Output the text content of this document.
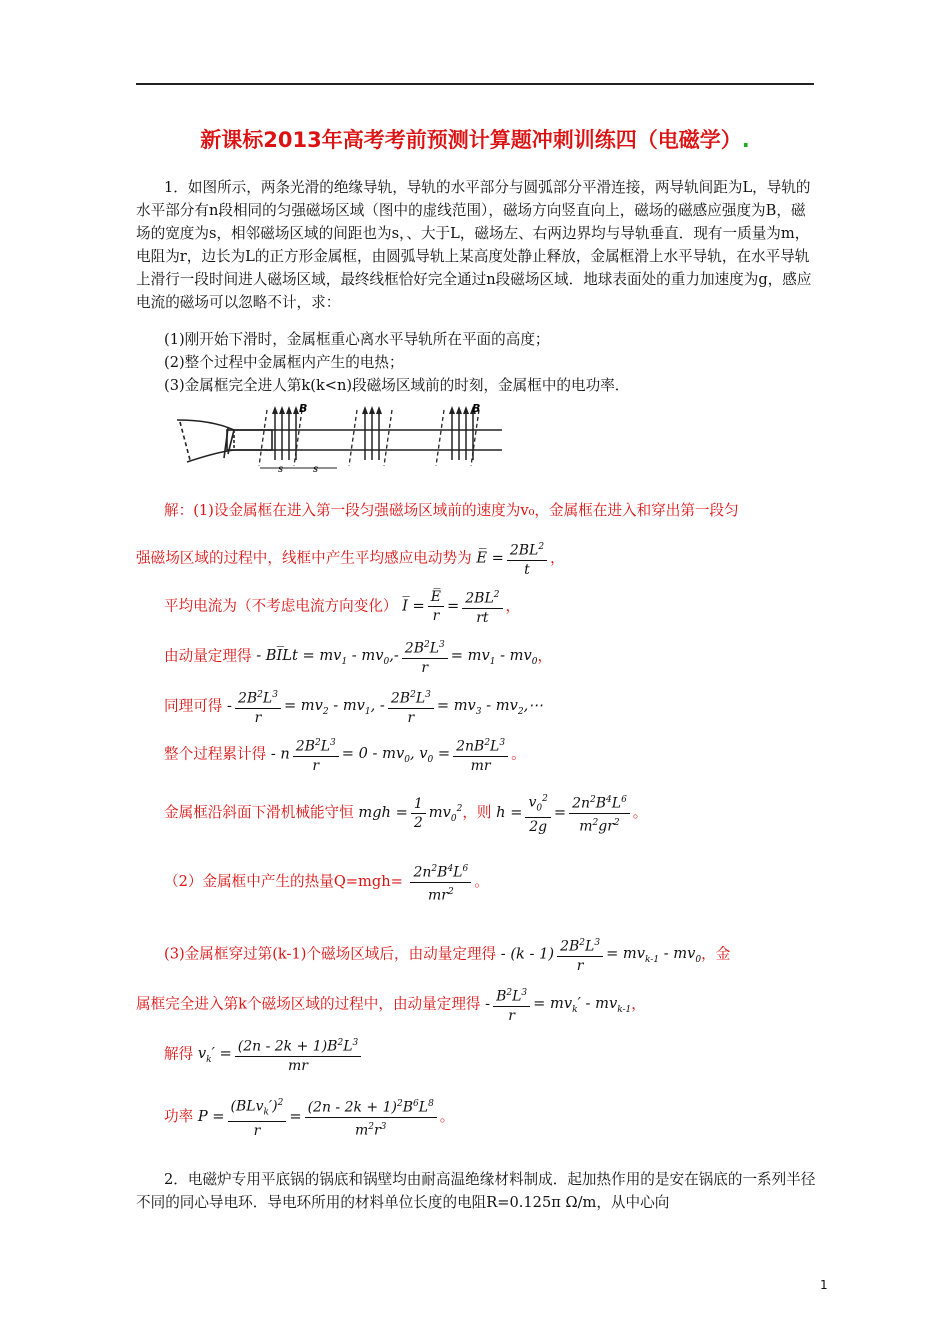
新课标2013年高考考前预测计算题冲刺训练四（电磁学）.
1．如图所示，两条光滑的绝缘导轨，导轨的水平部分与圆弧部分平滑连接，两导轨间距为L，导轨的水平部分有n段相同的匀强磁场区域（图中的虚线范围），磁场方向竖直向上，磁场的磁感应强度为B，磁场的宽度为s，相邻磁场区域的间距也为s，、大于L，磁场左、右两边界均与导轨垂直．现有一质量为m，电阻为r，边长为L的正方形金属框，由圆弧导轨上某高度处静止释放，金属框滑上水平导轨，在水平导轨上滑行一段时间进人磁场区域，最终线框恰好完全通过n段磁场区域．地球表面处的重力加速度为g，感应电流的磁场可以忽略不计，求：
(1)刚开始下滑时，金属框重心离水平导轨所在平面的高度；
(2)整个过程中金属框内产生的电热；
(3)金属框完全进人第k(k<n)段磁场区域前的时刻，金属框中的电功率．
B	B
s	s
解：(1)设金属框在进入第一段匀强磁场区域前的速度为v₀，金属框在进入和穿出第一段匀
强磁场区域的过程中，线框中产生平均感应电动势为 E̅ = $\frac{2BL^2}{t}$ ，
平均电流为（不考虑电流方向变化） I̅ = $\frac{E̅}{r} = \frac{2BL^2}{rt}$ ，
由动量定理得 - BI̅Lt = $mv_1 - mv_0,- \frac{2B^2L^3}{r} = mv_1 - mv_0$，
同理可得 - $\frac{2B^2L^3}{r} = mv_2 - mv_1$, - $\frac{2B^2L^3}{r} = mv_3$ - $mv_2,\cdots$
整个过程累计得 - n $\frac{2B^2L^3}{r} = 0 - mv_0$, $v_0 = \frac{2nB^2L^3}{mr}$ 。
金属框沿斜面下滑机械能守恒 mgh = $\frac{1}{2} mv_0^2$，则 $h = \frac{v_0^2}{2g} = \frac{2n^2B^4L^6}{m^2gr^2}$ 。
（2）金属框中产生的热量$Q=mgh= \frac{2n^2B^4L^6}{mr^2}$ 。
(3)金属框穿过第(k-1)个磁场区域后，由动量定理得 - $(k - 1) \frac{2B^2L^3}{r} = mv_{k-1} - mv_0$，金
属框完全进入第k个磁场区域的过程中，由动量定理得 - $\frac{B^2L^3}{r} = mv_k' - mv_{k-1}$，
解得 $v_k' = \frac{(2n - 2k + 1)B^2L^3}{mr}$
功率 $P = \frac{(BLv_k')^2}{r} = \frac{(2n - 2k + 1)^2B^6L^8}{m^2r^3}$ 。
2．电磁炉专用平底锅的锅底和锅壁均由耐高温绝缘材料制成．起加热作用的是安在锅底的一系列半径不同的同心导电环．导电环所用的材料单位长度的电阻R=0.125π Ω/m，从中心向
1
